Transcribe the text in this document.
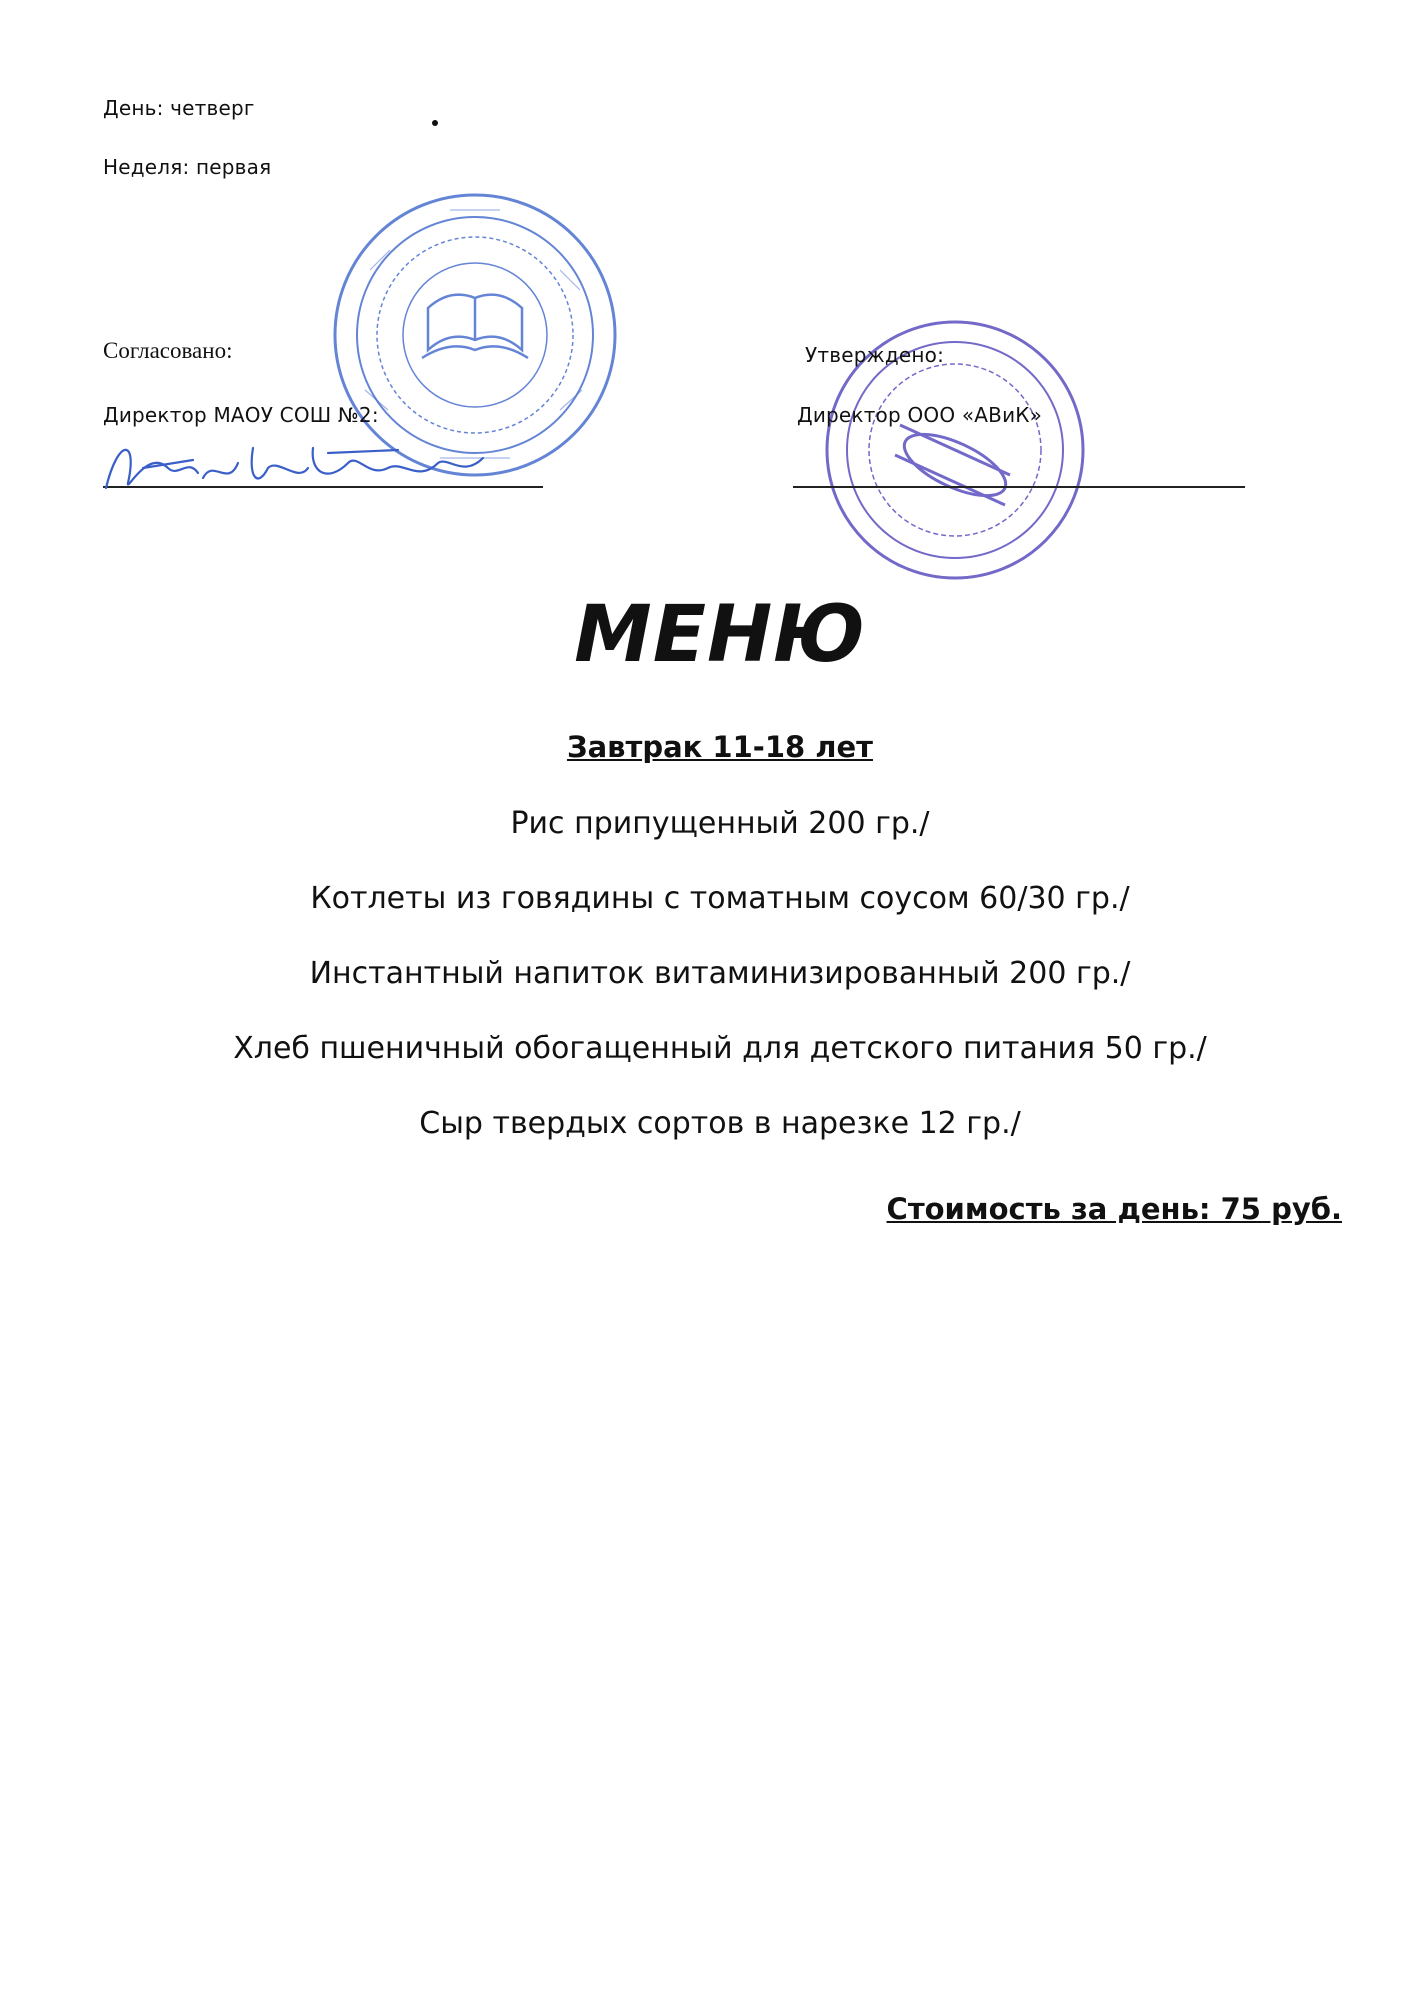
День: четверг
Неделя: первая
Согласовано:
Директор МАОУ СОШ №2:
Утверждено:
Директор ООО «АВиК»
МЕНЮ
Завтрак 11-18 лет
Рис припущенный 200 гр./
Котлеты из говядины с томатным соусом 60/30 гр./
Инстантный напиток витаминизированный 200 гр./
Хлеб пшеничный обогащенный для детского питания 50 гр./
Сыр твердых сортов в нарезке 12 гр./
Стоимость за день: 75 руб.
